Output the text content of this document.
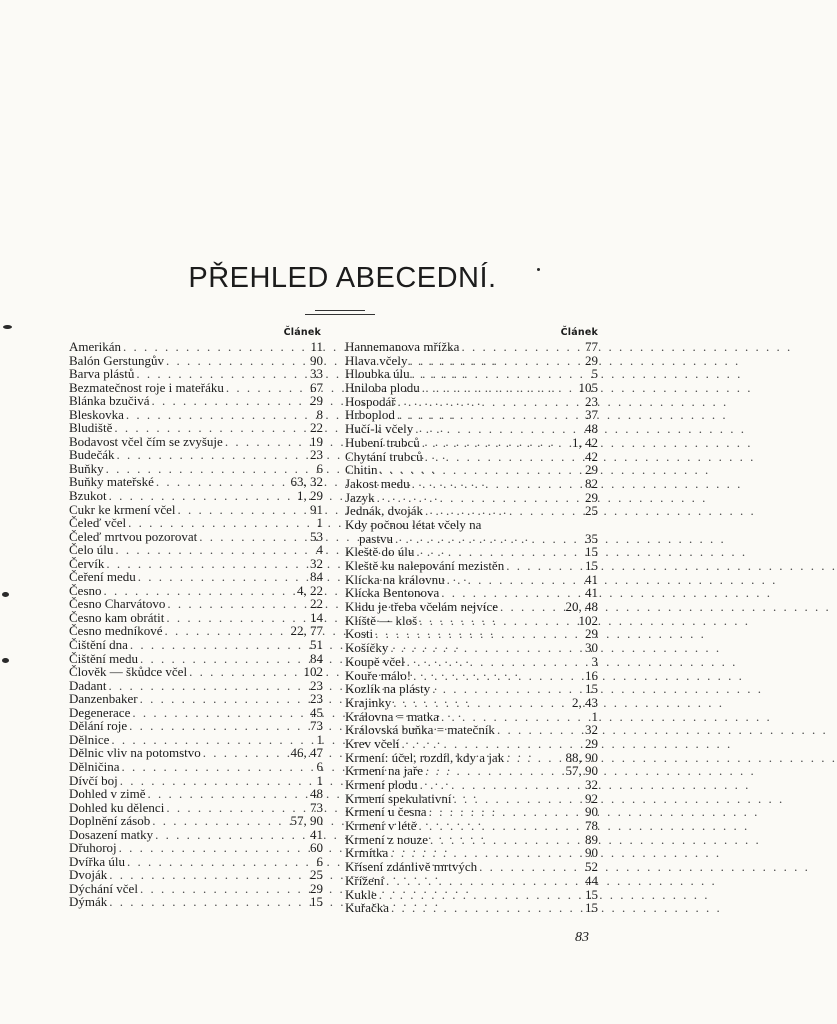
PŘEHLED ABECEDNÍ.
Článek
Amerikán . . .	11
Balón Gerstungův . . .	90
Barva plástů . . .	33
Bezmatečnost roje i mateřáku . . .	67
Blánka bzučivá . . .	29
Bleskovka . . .	8
Bludiště . . .	22
Bodavost včel čím se zvyšuje . . .	19
Budečák . . .	23
Buňky . . .	6
Buňky mateřské . . .	63, 32
Bzukot . . .	1, 29
Cukr ke krmení včel . . .	91
Čeleď včel . . .	1
Čeleď mrtvou pozorovat . . .	53
Čelo úlu . . .	4
Červík . . .	32
Čeření medu . . .	84
Česno . . .	4, 22
Česno Charvátovo . . .	22
Česno kam obrátit . . .	14
Česno medníkové . . .	22, 77
Čištění dna . . .	51
Čištění medu . . .	84
Člověk — škůdce včel . . .	102
Dadant . . .	23
Danzenbaker . . .	23
Degenerace . . .	45
Dělání roje . . .	73
Dělnice . . .	1
Dělnic vliv na potomstvo . . .	46, 47
Dělničina . . .	6
Dívčí boj . . .	1
Dohled v zimě . . .	48
Dohled ku dělenci . . .	73
Doplnění zásob . . .	57, 90
Dosazení matky . . .	41
Dřuhoroj . . .	60
Dvířka úlu . . .	6
Dvoják . . .	25
Dýchání včel . . .	29
Dýmák . . .	15
Článek
Hannemanova mřížka . . .	77
Hlava včely . . .	29
Hloubka úlu . . .	5
Hniloba plodu . . .	105
Hospodář . . .	23
Hrboplod . . .	37
Hučí-li včely . . .	48
Hubení trubců . . .	1, 42
Chytání trubců . . .	42
Chitin . . .	29
Jakost medu . . .	82
Jazyk . . .	29
Jednák, dvoják . . .	25
Kdy počnou létat včely na
pastvu . . .	35
Kleště do úlu . . .	15
Kleště ku nalepování mezistěn . . .	15
Klícka na královnu . . .	41
Klícka Bentonova . . .	41
Klidu je třeba včelám nejvíce . . .	20, 48
Klíště — kloš . . .	102
Kosti . . .	29
Košíčky . . .	30
Koupě včel . . .	3
Kouře málo! . . .	16
Kozlík na plásty . . .	15
Krajinky . . .	2, 43
Královna = matka . . .	1
Královská buňka = matečník . . .	32
Krev včelí . . .	29
Krmení: účel, rozdíl, kdy a jak . . .	88, 90
Krmení na jaře . . .	57, 90
Krmení plodu . . .	32
Krmení spekulativní . . .	92
Krmení u česna . . .	90
Krmení v létě . . .	78
Krmení z nouze . . .	89
Krmítka . . .	90
Křísení zdánlivě mrtvých . . .	52
Křížení . . .	44
Kukle . . .	15
Kuřačka . . .	15
83
